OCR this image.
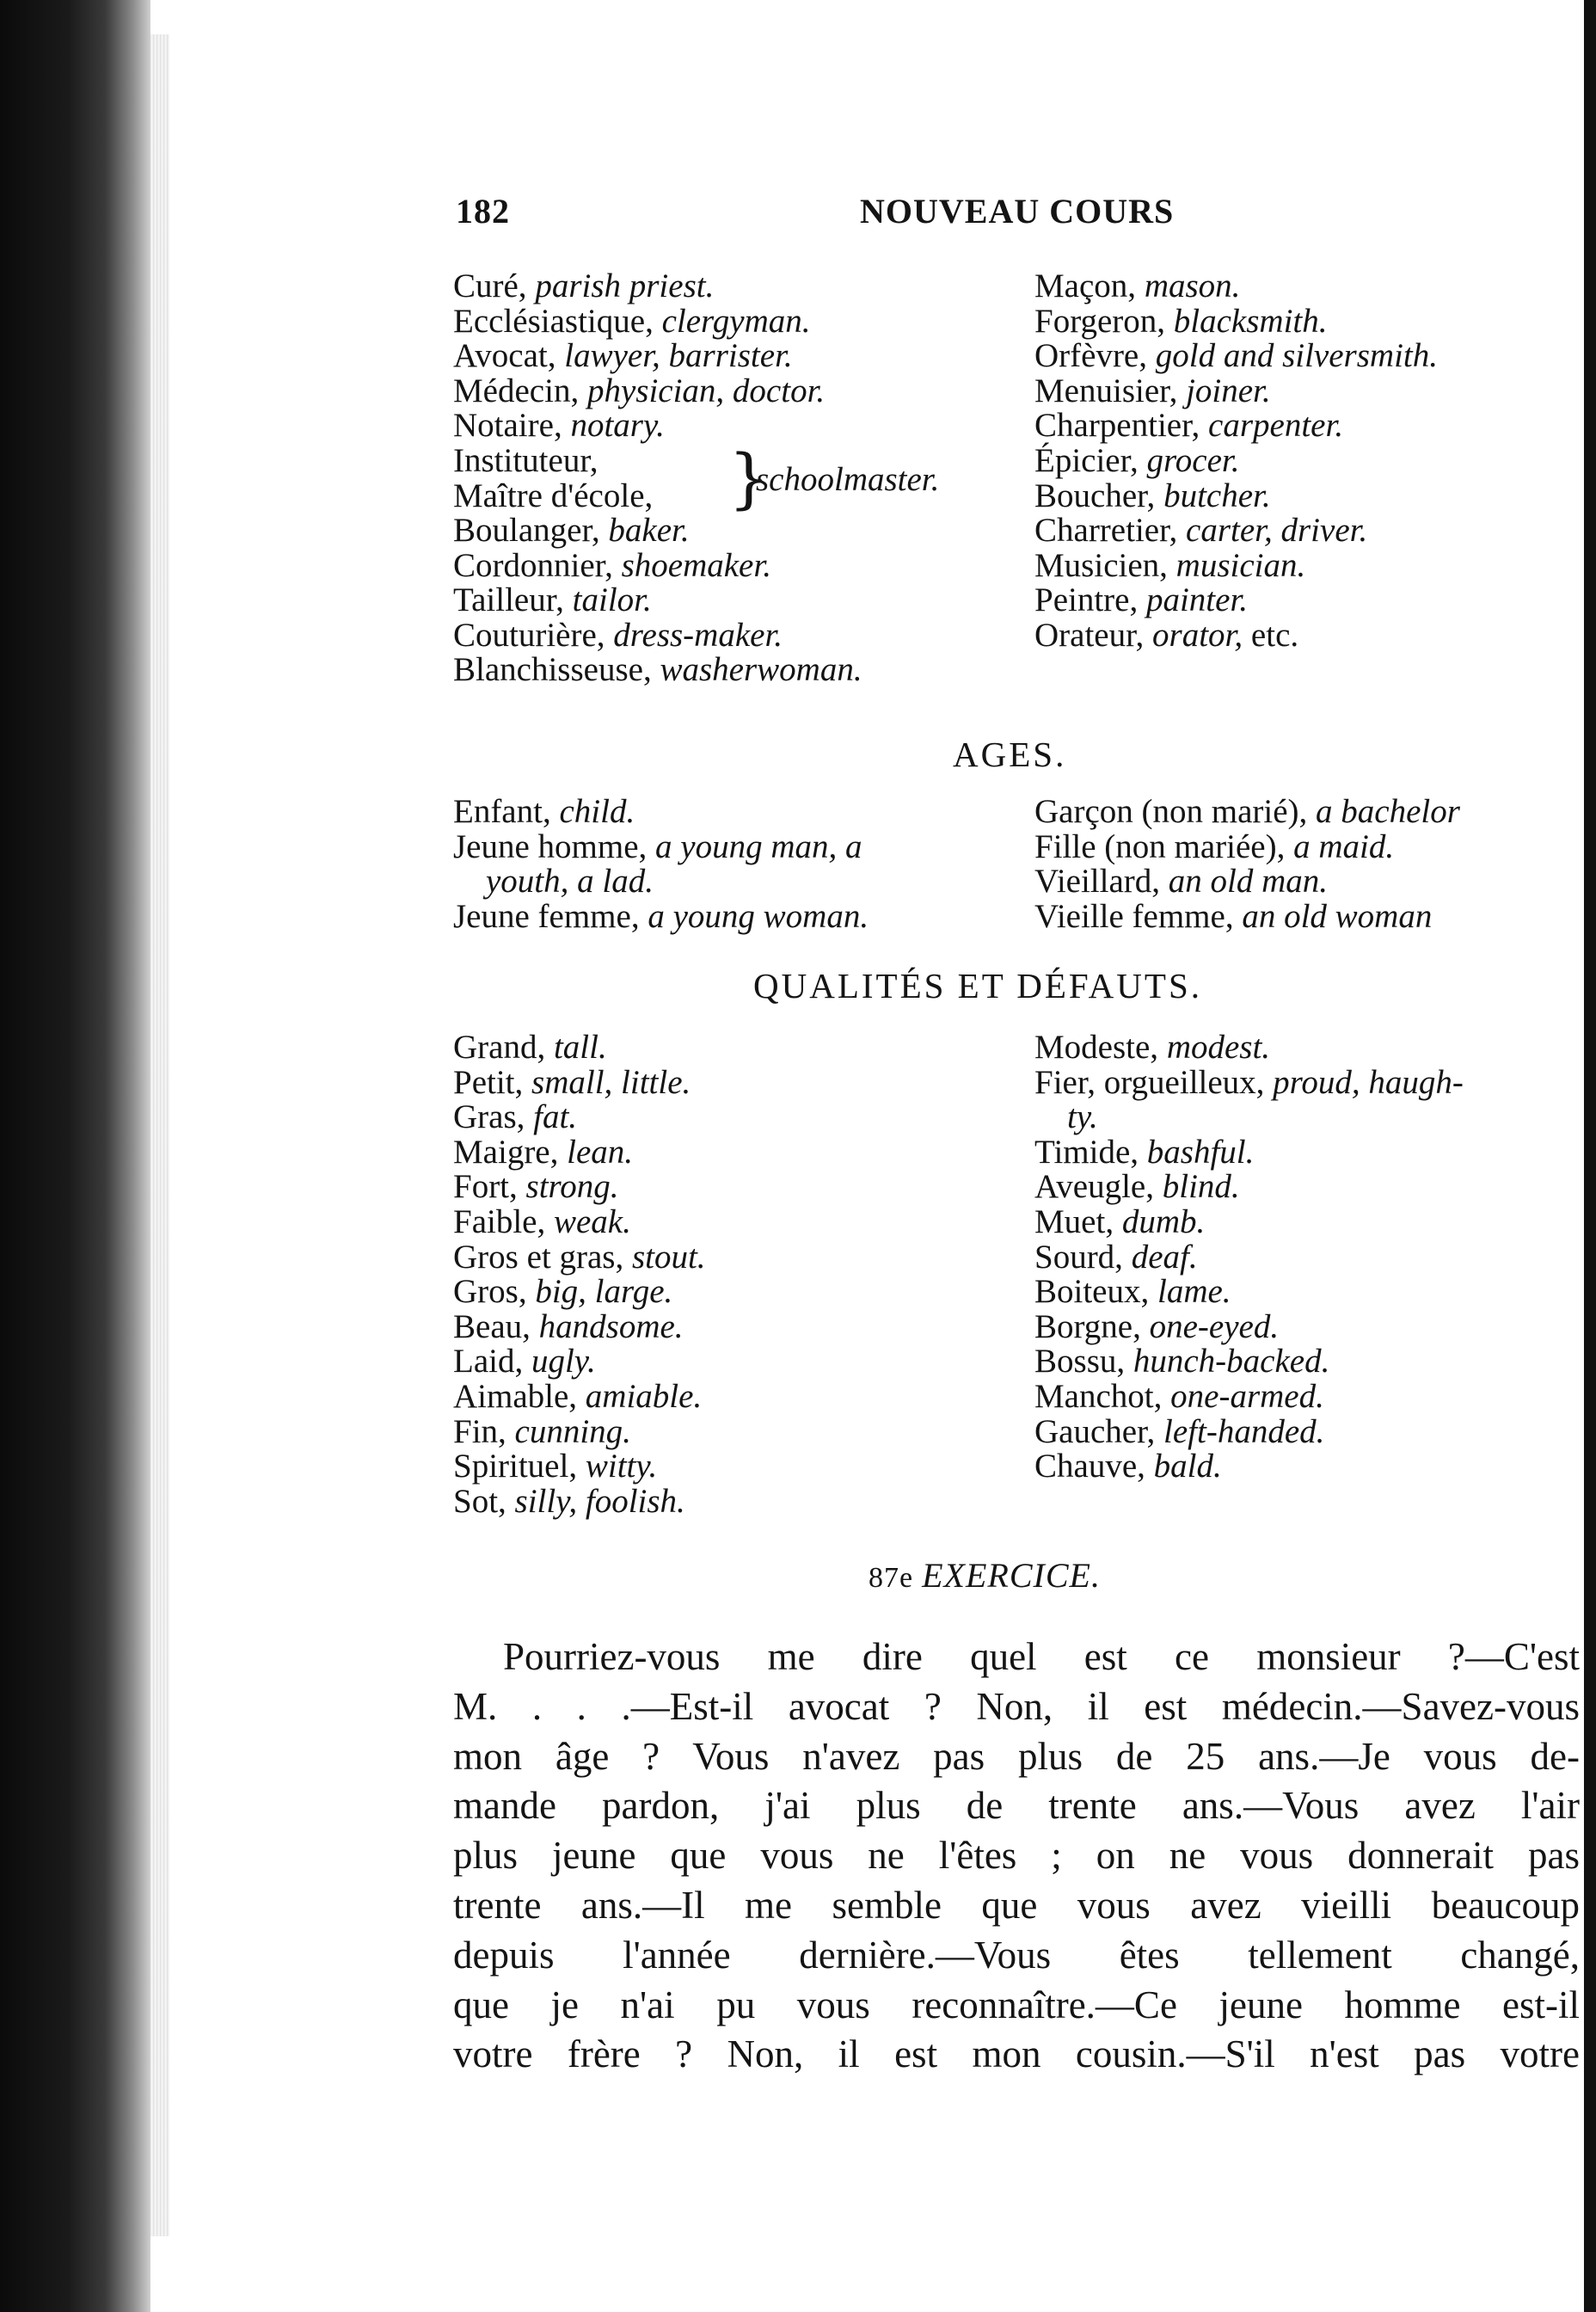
182	NOUVEAU COURS
Curé, parish priest.
Ecclésiastique, clergyman.
Avocat, lawyer, barrister.
Médecin, physician, doctor.
Notaire, notary.
Instituteur,
Maître d'école,	}
schoolmaster.
Boulanger, baker.
Cordonnier, shoemaker.
Tailleur, tailor.
Couturière, dress-maker.
Blanchisseuse, washerwoman.
Maçon, mason.
Forgeron, blacksmith.
Orfèvre, gold and silversmith.
Menuisier, joiner.
Charpentier, carpenter.
Épicier, grocer.
Boucher, butcher.
Charretier, carter, driver.
Musicien, musician.
Peintre, painter.
Orateur, orator, etc.
AGES.
Enfant, child.
Jeune homme, a young man, a
youth, a lad.
Jeune femme, a young woman.
Garçon (non marié), a bachelor
Fille (non mariée), a maid.
Vieillard, an old man.
Vieille femme, an old woman
QUALITÉS ET DÉFAUTS.
Grand, tall.
Petit, small, little.
Gras, fat.
Maigre, lean.
Fort, strong.
Faible, weak.
Gros et gras, stout.
Gros, big, large.
Beau, handsome.
Laid, ugly.
Aimable, amiable.
Fin, cunning.
Spirituel, witty.
Sot, silly, foolish.
Modeste, modest.
Fier, orgueilleux, proud, haugh-
ty.
Timide, bashful.
Aveugle, blind.
Muet, dumb.
Sourd, deaf.
Boiteux, lame.
Borgne, one-eyed.
Bossu, hunch-backed.
Manchot, one-armed.
Gaucher, left-handed.
Chauve, bald.
87e EXERCICE.
Pourriez-vous me dire quel est ce monsieur ?—C'est
M. . . .—Est-il avocat ? Non, il est médecin.—Savez-vous
mon âge ? Vous n'avez pas plus de 25 ans.—Je vous de-
mande pardon, j'ai plus de trente ans.—Vous avez l'air
plus jeune que vous ne l'êtes ; on ne vous donnerait pas
trente ans.—Il me semble que vous avez vieilli beaucoup
depuis l'année dernière.—Vous êtes tellement changé,
que je n'ai pu vous reconnaître.—Ce jeune homme est-il
votre frère ? Non, il est mon cousin.—S'il n'est pas votre
